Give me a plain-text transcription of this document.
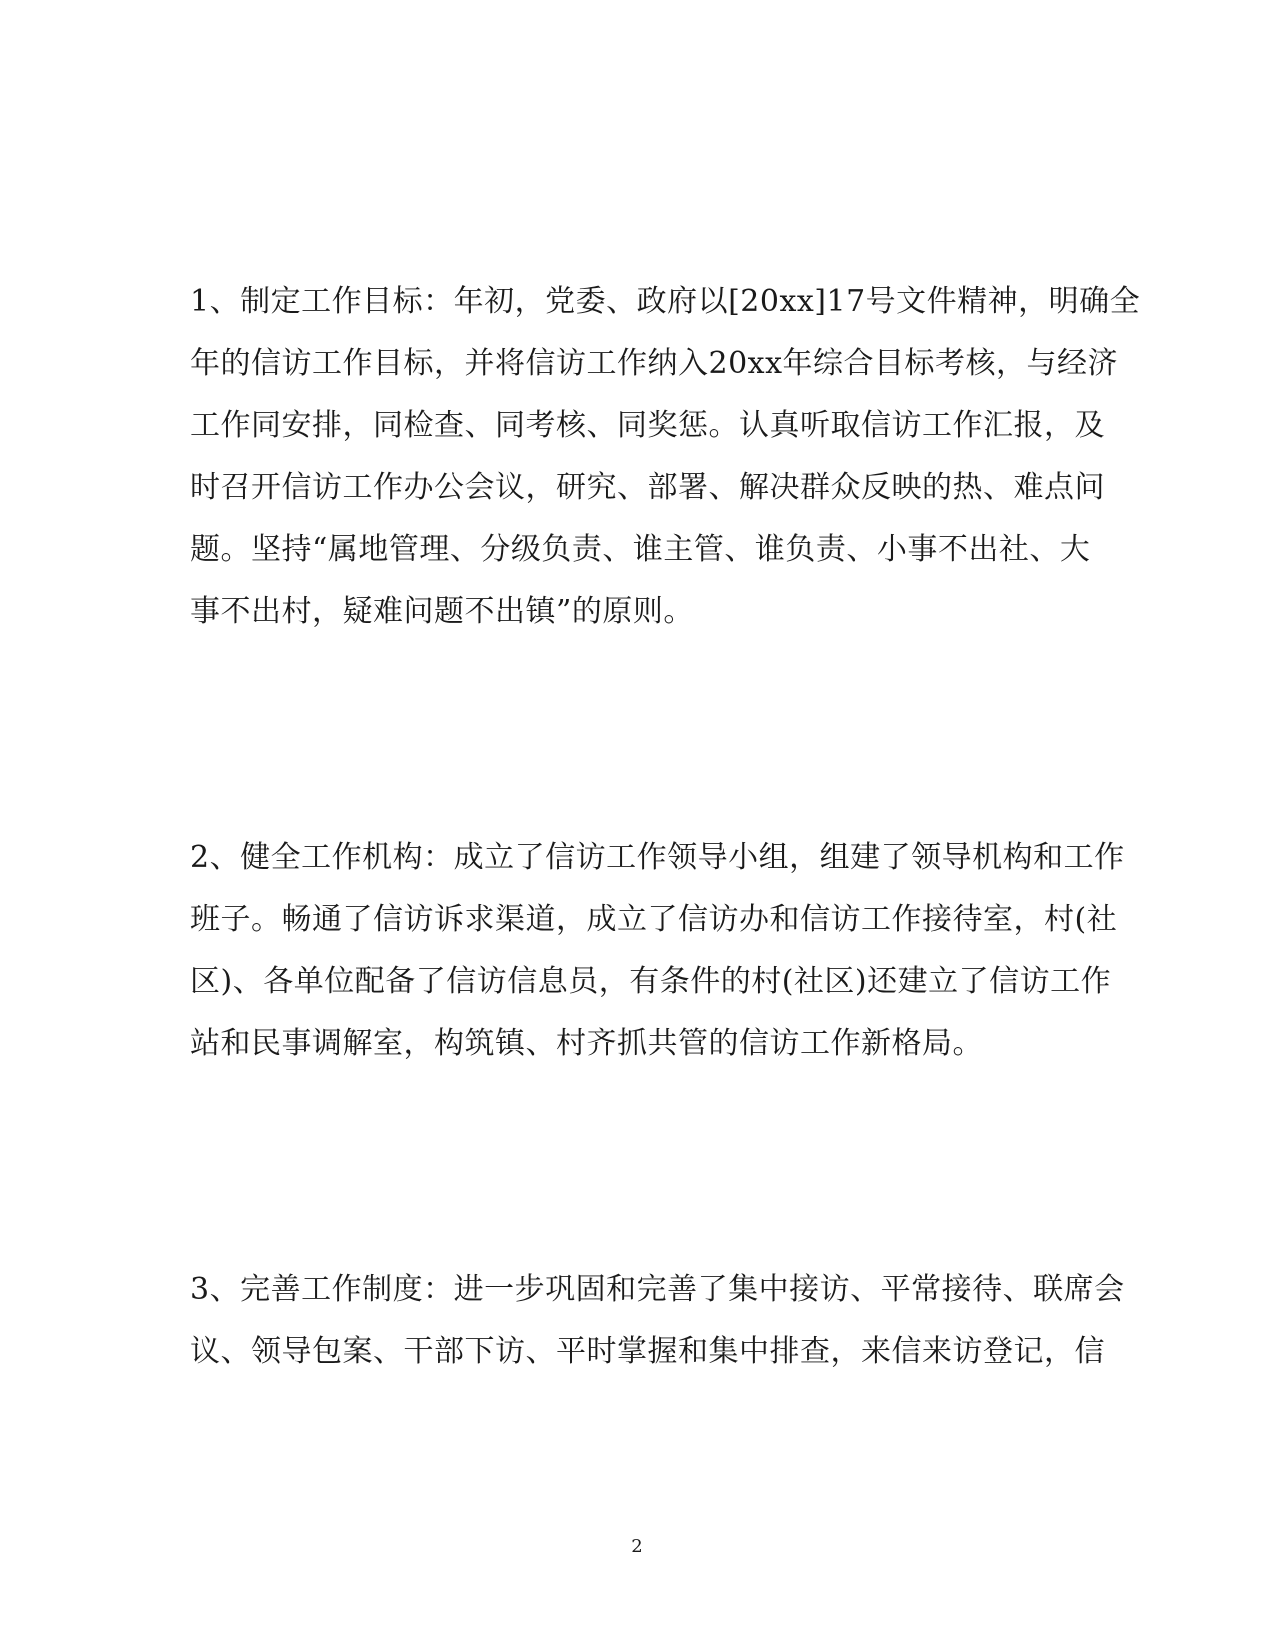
1、制定工作目标：年初，党委、政府以[20xx]17号文件精神，明确全
年的信访工作目标，并将信访工作纳入20xx年综合目标考核，与经济
工作同安排，同检查、同考核、同奖惩。认真听取信访工作汇报，及
时召开信访工作办公会议，研究、部署、解决群众反映的热、难点问
题。坚持“属地管理、分级负责、谁主管、谁负责、小事不出社、大
事不出村，疑难问题不出镇”的原则。
2、健全工作机构：成立了信访工作领导小组，组建了领导机构和工作
班子。畅通了信访诉求渠道，成立了信访办和信访工作接待室，村(社
区)、各单位配备了信访信息员，有条件的村(社区)还建立了信访工作
站和民事调解室，构筑镇、村齐抓共管的信访工作新格局。
3、完善工作制度：进一步巩固和完善了集中接访、平常接待、联席会
议、领导包案、干部下访、平时掌握和集中排查，来信来访登记，信
2
